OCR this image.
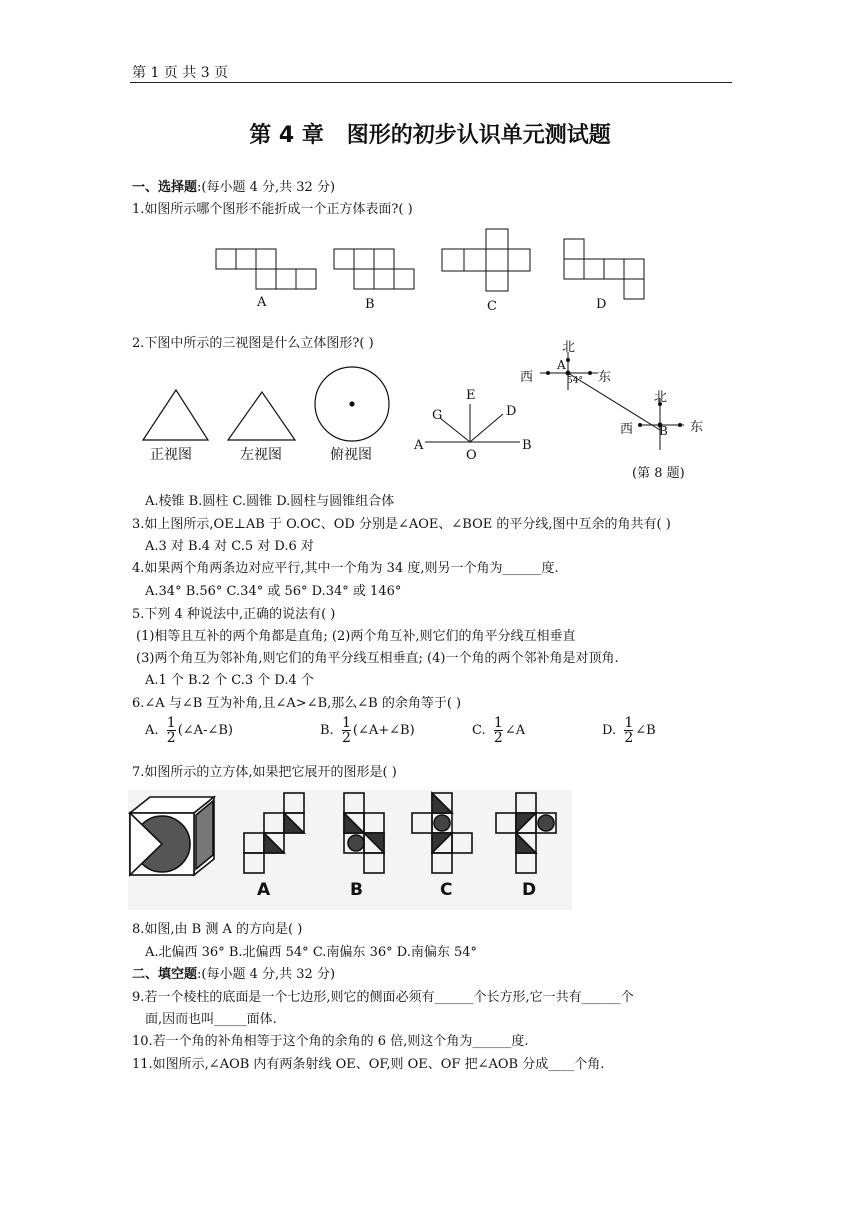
第 1 页 共 3 页
第 4 章   图形的初步认识单元测试题
一、选择题:(每小题 4 分,共 32 分)
1.如图所示哪个图形不能折成一个正方体表面?( )
A	B	C	D
2.下图中所示的三视图是什么立体图形?( )
正视图	左视图	俯视图
E
G	D
A
O
B
北
西	东
A
54°
北
西	东
B
(第 8 题)
A.棱锥 B.圆柱 C.圆锥 D.圆柱与圆锥组合体
3.如上图所示,OE⊥AB 于 O.OC、OD 分别是∠AOE、∠BOE 的平分线,图中互余的角共有( )
A.3 对 B.4 对 C.5 对 D.6 对
4.如果两个角两条边对应平行,其中一个角为 34 度,则另一个角为______度.
A.34° B.56° C.34° 或 56° D.34° 或 146°
5.下列 4 种说法中,正确的说法有( )
(1)相等且互补的两个角都是直角; (2)两个角互补,则它们的角平分线互相垂直
(3)两个角互为邻补角,则它们的角平分线互相垂直; (4)一个角的两个邻补角是对顶角.
A.1 个 B.2 个 C.3 个 D.4 个
6.∠A 与∠B 互为补角,且∠A>∠B,那么∠B 的余角等于( )
A. $\frac{1}{2}$ (∠A-∠B)	B. $\frac{1}{2}$ (∠A+∠B)	C. $\frac{1}{2}$ ∠A	D. $\frac{1}{2}$ ∠B
7.如图所示的立方体,如果把它展开的图形是( )
A	B	C	D
8.如图,由 B 测 A 的方向是( )
A.北偏西 36° B.北偏西 54° C.南偏东 36° D.南偏东 54°
二、填空题:(每小题 4 分,共 32 分)
9.若一个棱柱的底面是一个七边形,则它的侧面必须有______个长方形,它一共有______个
面,因而也叫_____面体.
10.若一个角的补角相等于这个角的余角的 6 倍,则这个角为______度.
11.如图所示,∠AOB 内有两条射线 OE、OF,则 OE、OF 把∠AOB 分成____个角.
